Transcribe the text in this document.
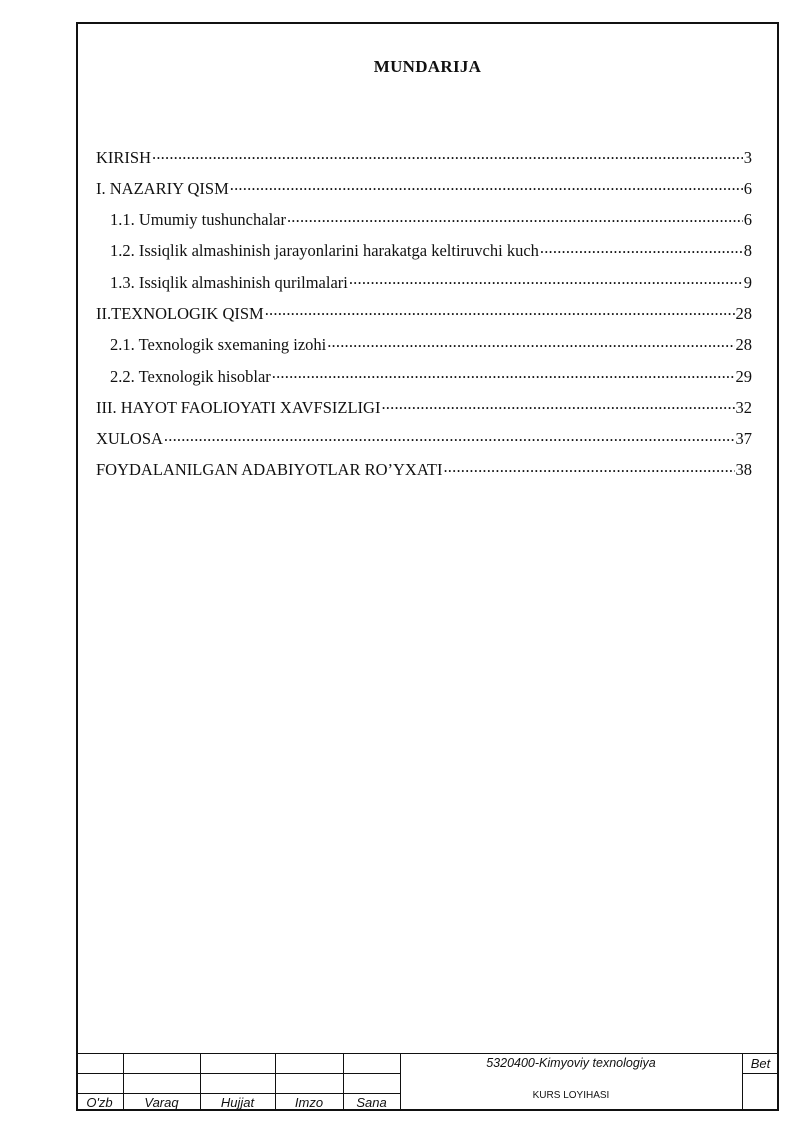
MUNDARIJA
KIRISH .....	3
I. NAZARIY QISM .....	6
1.1. Umumiy tushunchalar .....	6
1.2. Issiqlik almashinish jarayonlarini harakatga keltiruvchi kuch .....	8
1.3. Issiqlik almashinish qurilmalari .....	9
II.TEXNOLOGIK QISM .....	28
2.1. Texnologik sxemaning izohi .....	28
2.2. Texnologik hisoblar .....	29
III. HAYOT FAOLIOYATI XAVFSIZLIGI .....	32
XULOSA .....	37
FOYDALANILGAN ADABIYOTLAR RO’YXATI .....	38
O'zb	Varaq	Hujjat	Imzo	Sana
5320400-Kimyoviy texnologiya
KURS LOYIHASI
Bet
